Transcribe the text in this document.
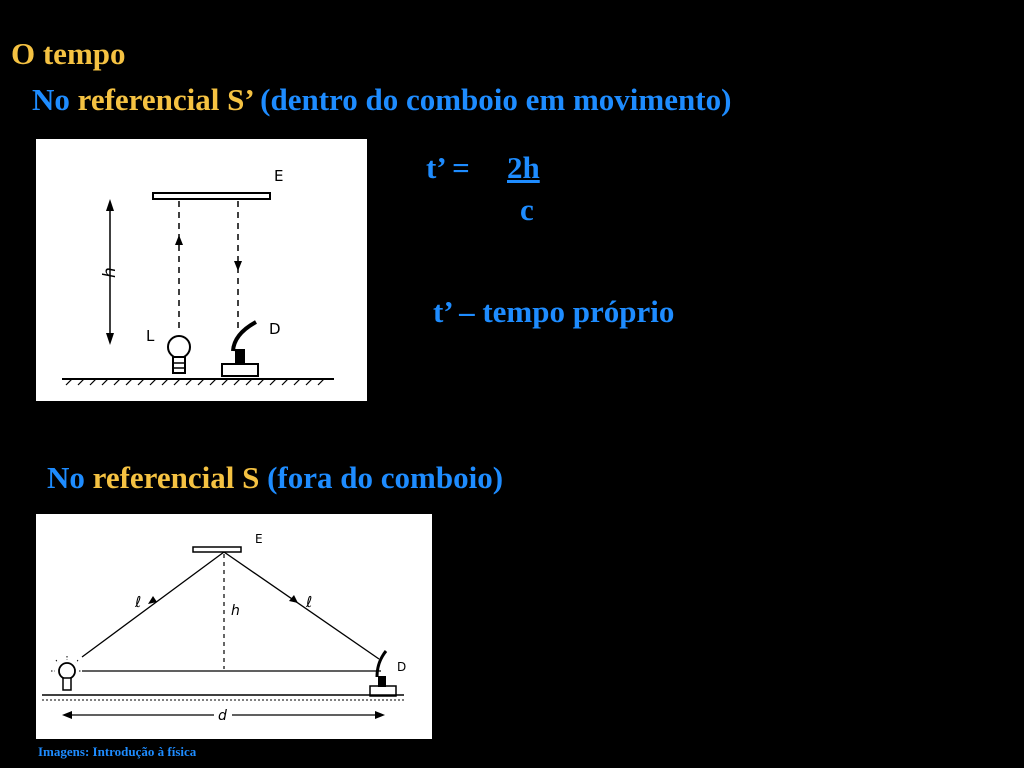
O tempo
No referencial S’ (dentro do comboio em movimento)
t’ = 2h
c
t’ – tempo próprio
No referencial S (fora do comboio)
E
h
L	D
E
ℓ	ℓ
h
D
d
Imagens: Introdução à física
